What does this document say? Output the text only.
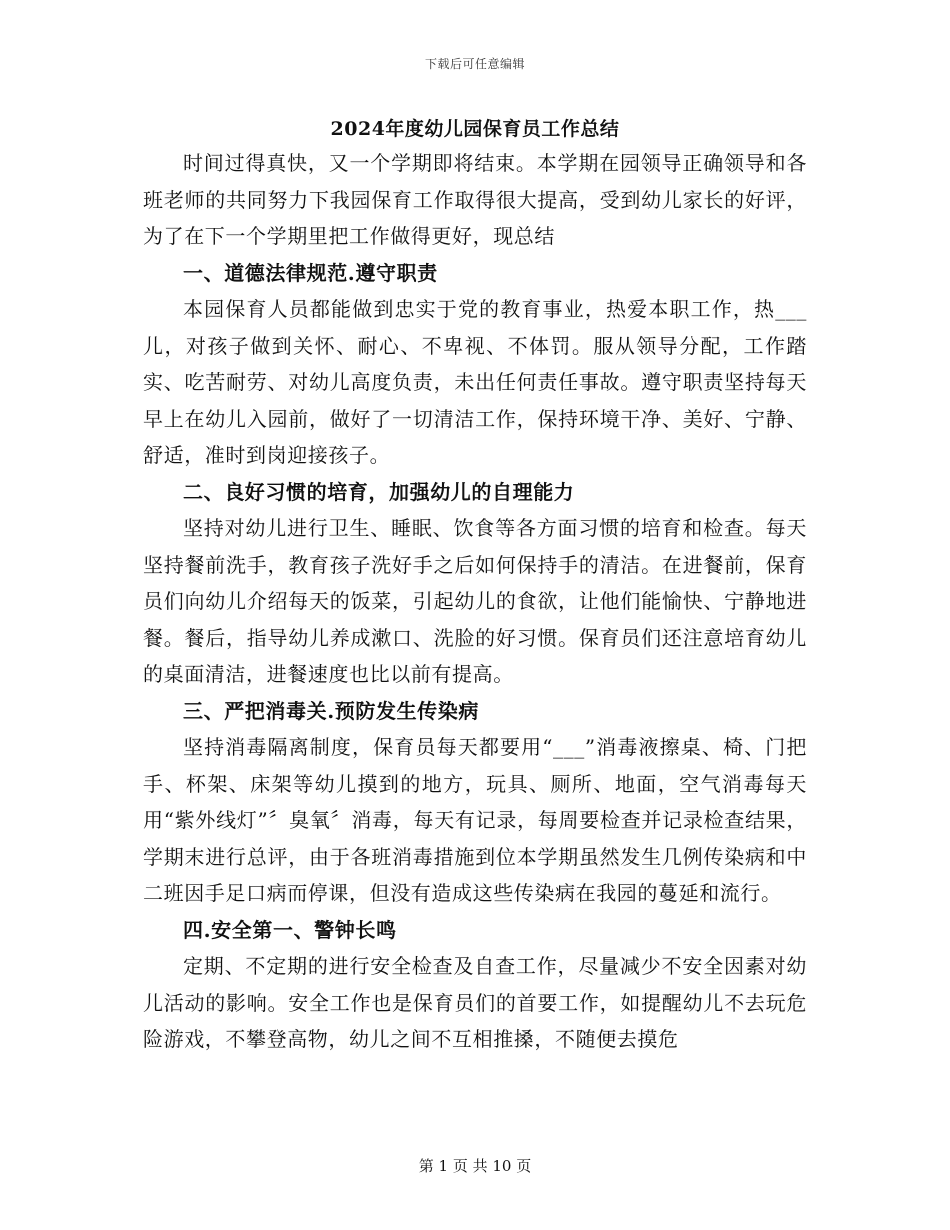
下载后可任意编辑
2024年度幼儿园保育员工作总结

时间过得真快，又一个学期即将结束。本学期在园领导正确领导和各班老师的共同努力下我园保育工作取得很大提高，受到幼儿家长的好评，为了在下一个学期里把工作做得更好，现总结

一、道德法律规范.遵守职责

本园保育人员都能做到忠实于党的教育事业，热爱本职工作，热___儿，对孩子做到关怀、耐心、不卑视、不体罚。服从领导分配，工作踏实、吃苦耐劳、对幼儿高度负责，未出任何责任事故。遵守职责坚持每天早上在幼儿入园前，做好了一切清洁工作，保持环境干净、美好、宁静、舒适，准时到岗迎接孩子。

二、良好习惯的培育，加强幼儿的自理能力

坚持对幼儿进行卫生、睡眠、饮食等各方面习惯的培育和检查。每天坚持餐前洗手，教育孩子洗好手之后如何保持手的清洁。在进餐前，保育员们向幼儿介绍每天的饭菜，引起幼儿的食欲，让他们能愉快、宁静地进餐。餐后，指导幼儿养成漱口、洗脸的好习惯。保育员们还注意培育幼儿的桌面清洁，进餐速度也比以前有提高。

三、严把消毒关.预防发生传染病

坚持消毒隔离制度，保育员每天都要用“___”消毒液擦桌、椅、门把手、杯架、床架等幼儿摸到的地方，玩具、厕所、地面，空气消毒每天用“紫外线灯”〞臭氧〞消毒，每天有记录，每周要检查并记录检查结果，学期末进行总评，由于各班消毒措施到位本学期虽然发生几例传染病和中二班因手足口病而停课，但没有造成这些传染病在我园的蔓延和流行。

四.安全第一、警钟长鸣

定期、不定期的进行安全检查及自查工作，尽量减少不安全因素对幼儿活动的影响。安全工作也是保育员们的首要工作，如提醒幼儿不去玩危险游戏，不攀登高物，幼儿之间不互相推搡，不随便去摸危

第 1 页 共 10 页
